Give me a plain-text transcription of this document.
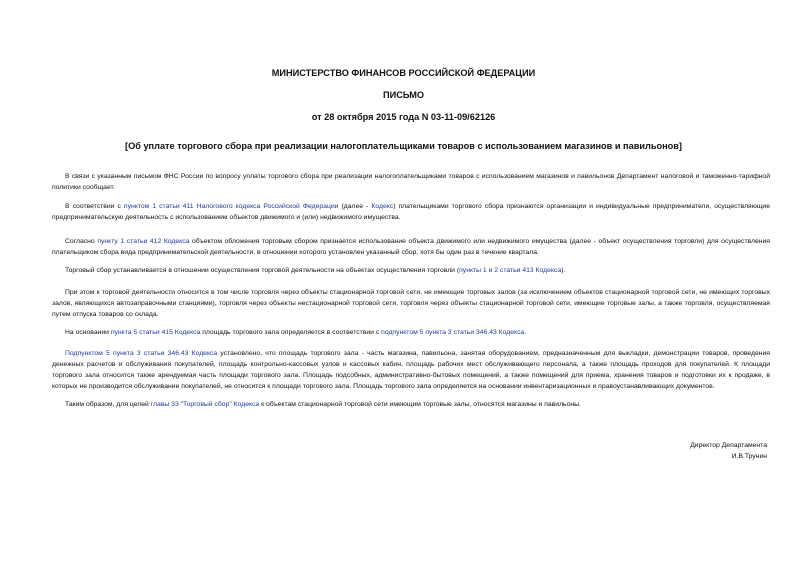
МИНИСТЕРСТВО ФИНАНСОВ РОССИЙСКОЙ ФЕДЕРАЦИИ
ПИСЬМО
от 28 октября 2015 года N 03-11-09/62126
[Об уплате торгового сбора при реализации налогоплательщиками товаров с использованием магазинов и павильонов]
В связи с указанным письмом ФНС России по вопросу уплаты торгового сбора при реализации налогоплательщиками товаров с использованием магазинов и павильонов Департамент налоговой и таможенно-тарифной политики сообщает.
В соответствии с пунктом 1 статьи 411 Налогового кодекса Российской Федерации (далее - Кодекс) плательщиками торгового сбора признаются организации и индивидуальные предприниматели, осуществляющие предпринимательскую деятельность с использованием объектов движимого и (или) недвижимого имущества.
Согласно пункту 1 статьи 412 Кодекса объектом обложения торговым сбором признается использование объекта движимого или недвижимого имущества (далее - объект осуществления торговли) для осуществления плательщиком сбора вида предпринимательской деятельности, в отношении которого установлен указанный сбор, хотя бы один раз в течение квартала.
Торговый сбор устанавливается в отношении осуществления торговой деятельности на объектах осуществления торговли (пункты 1 и 2 статьи 413 Кодекса).
При этом к торговой деятельности относится в том числе торговля через объекты стационарной торговой сети, не имеющие торговых залов (за исключением объектов стационарной торговой сети, не имеющих торговых залов, являющихся автозаправочными станциями), торговля через объекты нестационарной торговой сети, торговля через объекты стационарной торговой сети, имеющие торговые залы, а также торговля, осуществляемая путем отпуска товаров со склада.
На основании пункта 5 статьи 415 Кодекса площадь торгового зала определяется в соответствии с подпунктом 5 пункта 3 статьи 346.43 Кодекса.
Подпунктом 5 пункта 3 статьи 346.43 Кодекса установлено, что площадь торгового зала - часть магазина, павильона, занятая оборудованием, предназначенным для выкладки, демонстрации товаров, проведения денежных расчетов и обслуживания покупателей, площадь контрольно-кассовых узлов и кассовых кабин, площадь рабочих мест обслуживающего персонала, а также площадь проходов для покупателей. К площади торгового зала относится также арендуемая часть площади торгового зала. Площадь подсобных, административно-бытовых помещений, а также помещений для приема, хранения товаров и подготовки их к продаже, в которых не производится обслуживание покупателей, не относится к площади торгового зала. Площадь торгового зала определяется на основании инвентаризационных и правоустанавливающих документов.
Таким образом, для целей главы 33 "Торговый сбор" Кодекса к объектам стационарной торговой сети имеющим торговые залы, относятся магазины и павильоны.
Директор Департамента
И.В.Трунин
